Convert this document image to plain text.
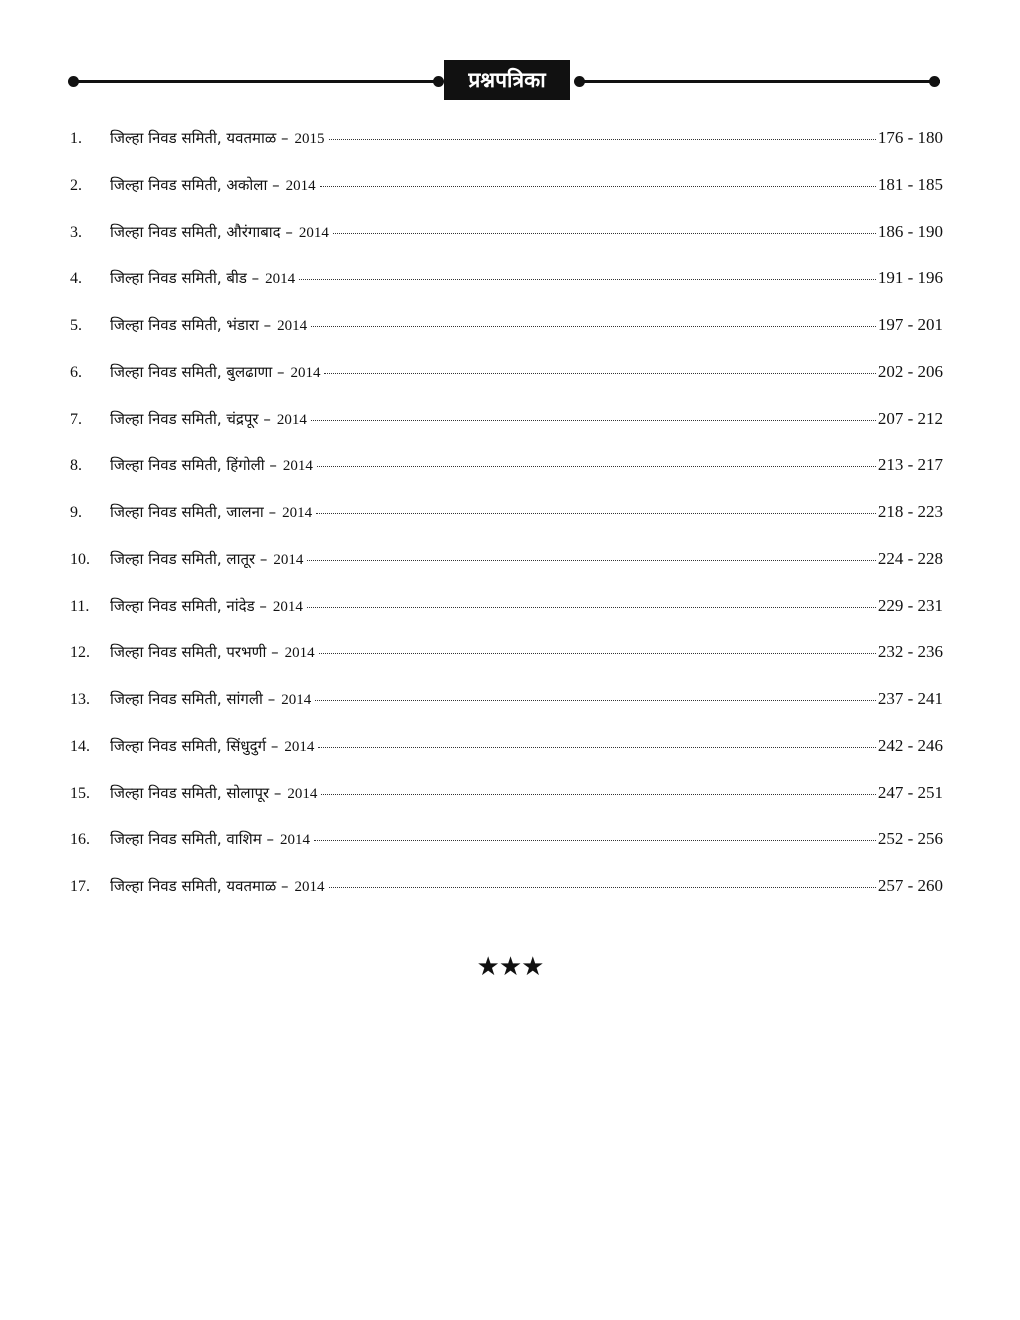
प्रश्नपत्रिका
1.	जिल्हा निवड समिती, यवतमाळ – 2015	176 - 180
2.	जिल्हा निवड समिती, अकोला – 2014	181 - 185
3.	जिल्हा निवड समिती, औरंगाबाद – 2014	186 - 190
4.	जिल्हा निवड समिती, बीड – 2014	191 - 196
5.	जिल्हा निवड समिती, भंडारा – 2014	197 - 201
6.	जिल्हा निवड समिती, बुलढाणा – 2014	202 - 206
7.	जिल्हा निवड समिती, चंद्रपूर – 2014	207 - 212
8.	जिल्हा निवड समिती, हिंगोली – 2014	213 - 217
9.	जिल्हा निवड समिती, जालना – 2014	218 - 223
10.	जिल्हा निवड समिती, लातूर – 2014	224 - 228
11.	जिल्हा निवड समिती, नांदेड – 2014	229 - 231
12.	जिल्हा निवड समिती, परभणी – 2014	232 - 236
13.	जिल्हा निवड समिती, सांगली – 2014	237 - 241
14.	जिल्हा निवड समिती, सिंधुदुर्ग – 2014	242 - 246
15.	जिल्हा निवड समिती, सोलापूर – 2014	247 - 251
16.	जिल्हा निवड समिती, वाशिम – 2014	252 - 256
17.	जिल्हा निवड समिती, यवतमाळ – 2014	257 - 260
★★★
